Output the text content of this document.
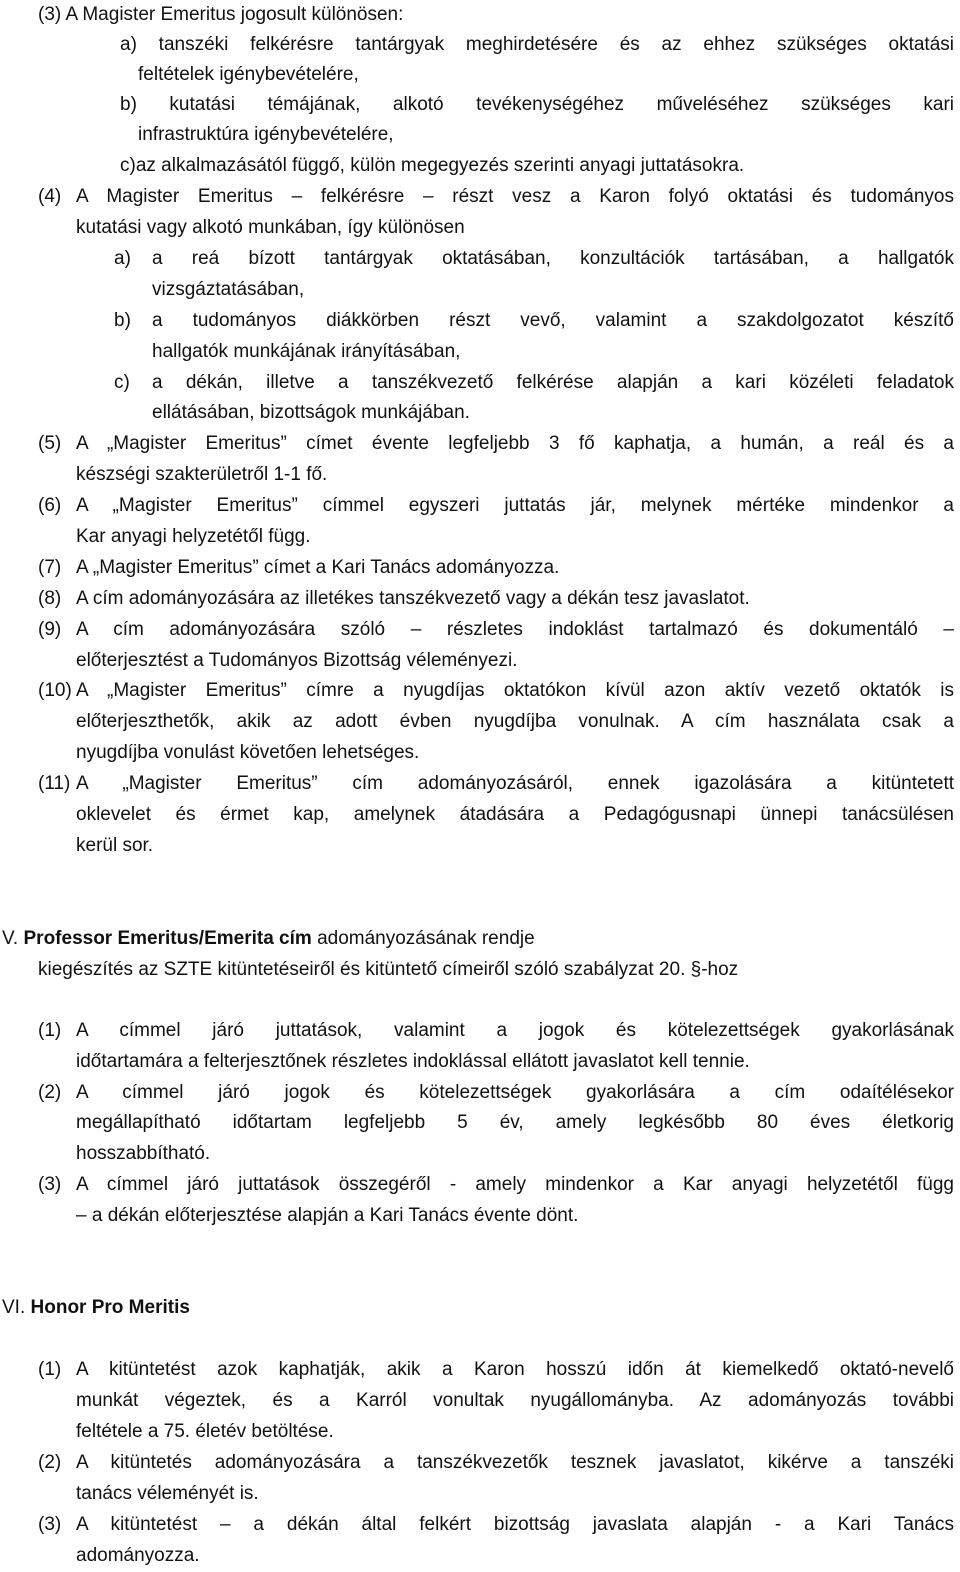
(3) A Magister Emeritus jogosult különösen:
a) tanszéki felkérésre tantárgyak meghirdetésére és az ehhez szükséges oktatási
feltételek igénybevételére,
b) kutatási témájának, alkotó tevékenységéhez műveléséhez szükséges kari
infrastruktúra igénybevételére,
c)az alkalmazásától függő, külön megegyezés szerinti anyagi juttatásokra.
(4) A Magister Emeritus – felkérésre – részt vesz a Karon folyó oktatási és tudományos
kutatási vagy alkotó munkában, így különösen
a) a reá bízott tantárgyak oktatásában, konzultációk tartásában, a hallgatók
vizsgáztatásában,
b) a tudományos diákkörben részt vevő, valamint a szakdolgozatot készítő
hallgatók munkájának irányításában,
c) a dékán, illetve a tanszékvezető felkérése alapján a kari közéleti feladatok
ellátásában, bizottságok munkájában.
(5) A „Magister Emeritus” címet évente legfeljebb 3 fő kaphatja, a humán, a reál és a
készségi szakterületről 1-1 fő.
(6) A „Magister Emeritus” címmel egyszeri juttatás jár, melynek mértéke mindenkor a
Kar anyagi helyzetétől függ.
(7) A „Magister Emeritus” címet a Kari Tanács adományozza.
(8) A cím adományozására az illetékes tanszékvezető vagy a dékán tesz javaslatot.
(9) A cím adományozására szóló – részletes indoklást tartalmazó és dokumentáló –
előterjesztést a Tudományos Bizottság véleményezi.
(10) A „Magister Emeritus” címre a nyugdíjas oktatókon kívül azon aktív vezető oktatók is
előterjeszthetők, akik az adott évben nyugdíjba vonulnak. A cím használata csak a
nyugdíjba vonulást követően lehetséges.
(11) A „Magister Emeritus” cím adományozásáról, ennek igazolására a kitüntetett
oklevelet és érmet kap, amelynek átadására a Pedagógusnapi ünnepi tanácsülésen
kerül sor.
V. Professor Emeritus/Emerita cím adományozásának rendje
kiegészítés az SZTE kitüntetéseiről és kitüntető címeiről szóló szabályzat 20. §-hoz
(1) A címmel járó juttatások, valamint a jogok és kötelezettségek gyakorlásának
időtartamára a felterjesztőnek részletes indoklással ellátott javaslatot kell tennie.
(2) A címmel járó jogok és kötelezettségek gyakorlására a cím odaítélésekor
megállapítható időtartam legfeljebb 5 év, amely legkésőbb 80 éves életkorig
hosszabbítható.
(3) A címmel járó juttatások összegéről - amely mindenkor a Kar anyagi helyzetétől függ
– a dékán előterjesztése alapján a Kari Tanács évente dönt.
VI. Honor Pro Meritis
(1) A kitüntetést azok kaphatják, akik a Karon hosszú időn át kiemelkedő oktató-nevelő
munkát végeztek, és a Karról vonultak nyugállományba. Az adományozás további
feltétele a 75. életév betöltése.
(2) A kitüntetés adományozására a tanszékvezetők tesznek javaslatot, kikérve a tanszéki
tanács véleményét is.
(3) A kitüntetést – a dékán által felkért bizottság javaslata alapján - a Kari Tanács
adományozza.
